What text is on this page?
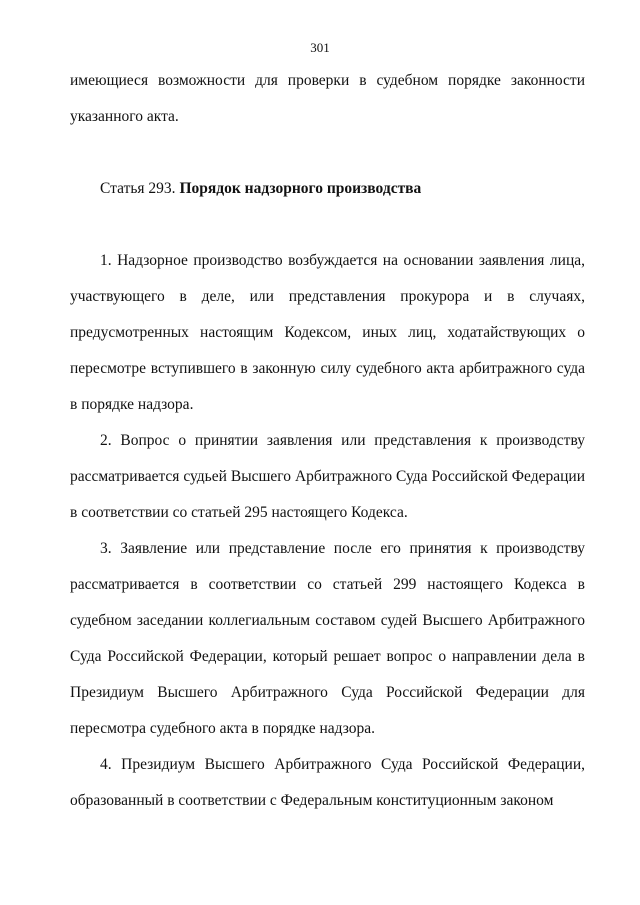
301

имеющиеся возможности для проверки в судебном порядке законности указанного акта.

Статья 293. Порядок надзорного производства

1. Надзорное производство возбуждается на основании заявления лица, участвующего в деле, или представления прокурора и в случаях, предусмотренных настоящим Кодексом, иных лиц, ходатайствующих о пересмотре вступившего в законную силу судебного акта арбитражного суда в порядке надзора.

2. Вопрос о принятии заявления или представления к производству рассматривается судьей Высшего Арбитражного Суда Российской Федерации в соответствии со статьей 295 настоящего Кодекса.

3. Заявление или представление после его принятия к производству рассматривается в соответствии со статьей 299 настоящего Кодекса в судебном заседании коллегиальным составом судей Высшего Арбитражного Суда Российской Федерации, который решает вопрос о направлении дела в Президиум Высшего Арбитражного Суда Российской Федерации для пересмотра судебного акта в порядке надзора.

4. Президиум Высшего Арбитражного Суда Российской Федерации, образованный в соответствии с Федеральным конституционным законом
